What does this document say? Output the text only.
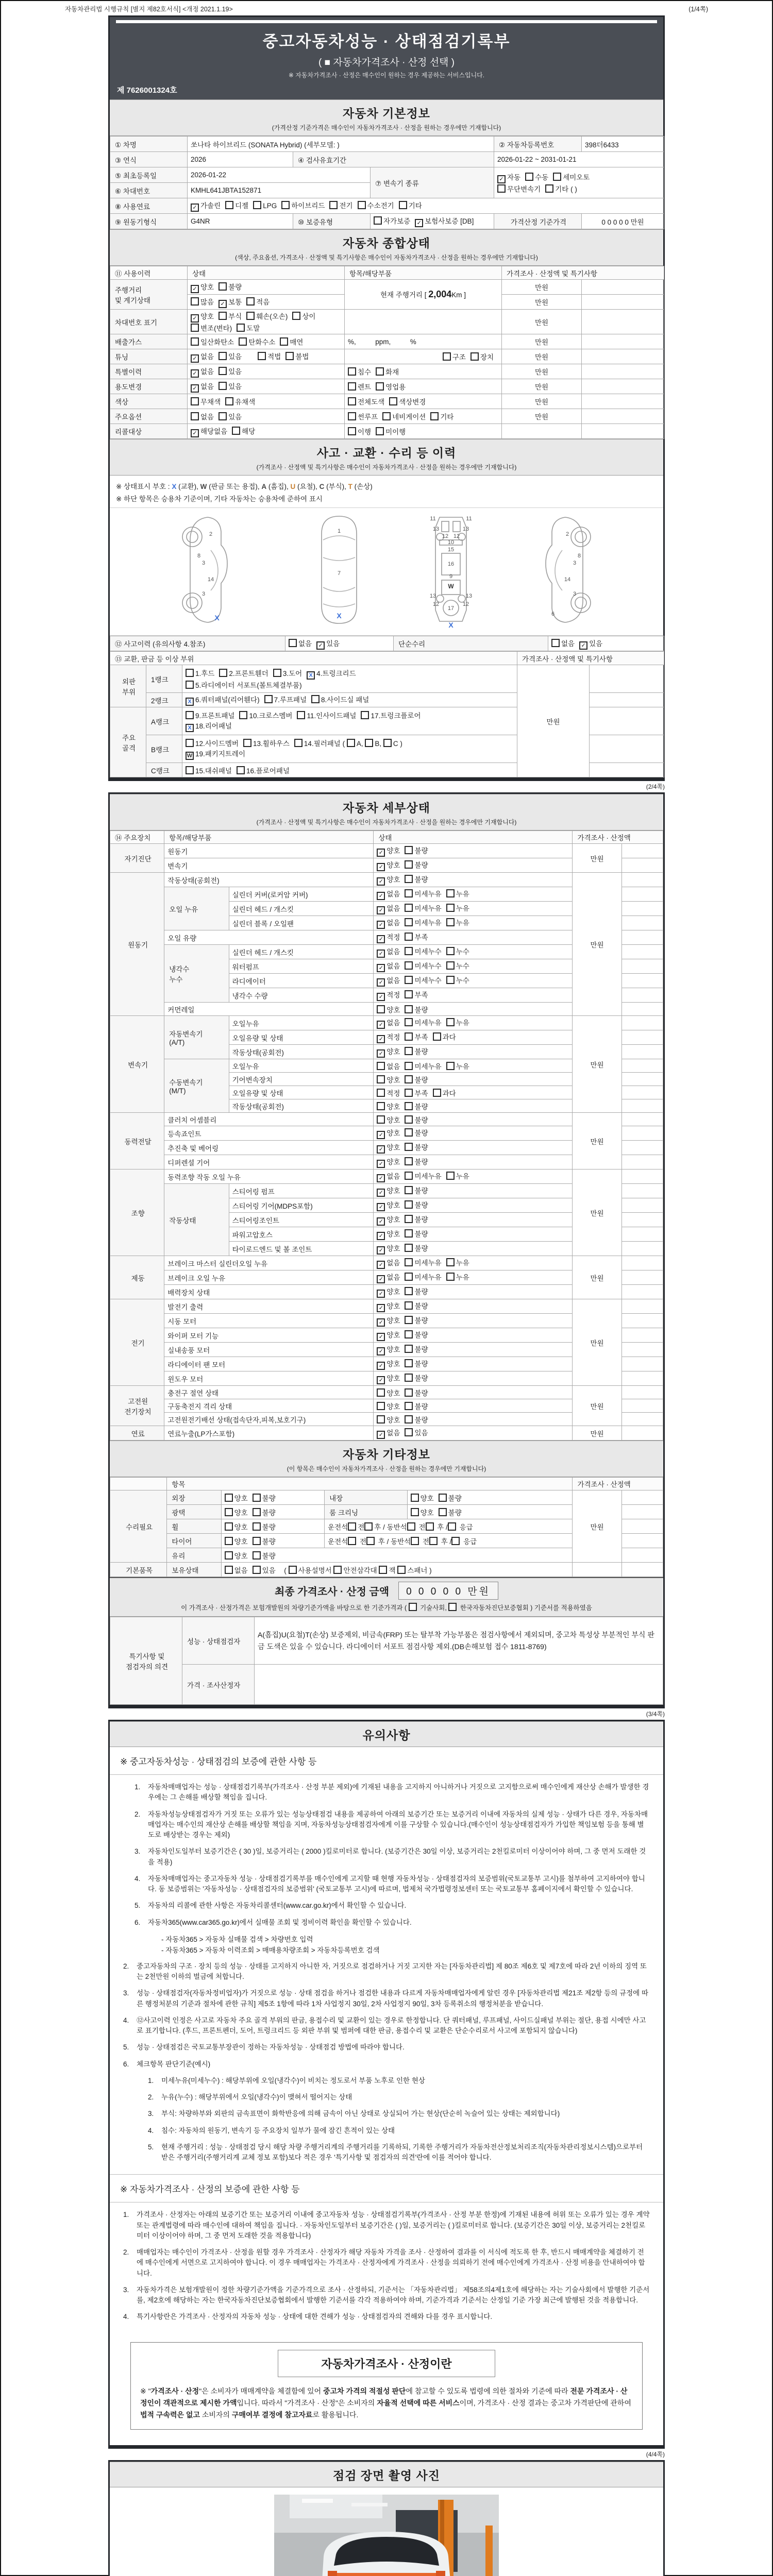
자동차관리법 시행규칙 [별지 제82호서식] <개정 2021.1.19>	(1/4쪽)
중고자동차성능 · 상태점검기록부
( ■ 자동차가격조사 · 산정 선택 )
※ 자동차가격조사 · 산정은 매수인이 원하는 경우 제공하는 서비스입니다.
제 7626001324호
자동차 기본정보
(가격산정 기준가격은 매수인이 자동차가격조사 · 산정을 원하는 경우에만 기재합니다)
① 차명	쏘나타 하이브리드 (SONATA Hybrid) (세부모델: )			② 자동차등록번호	398더6433
③ 연식	2026	④ 검사유효기간		2026-01-22 ~ 2031-01-21	
⑤ 최초등록일	2026-01-22		⑦ 변속기 종류	✓ 자동 수동 세미오토
무단변속기 기타 ( )	
⑥ 차대번호	KMHL641JBTA152871				
⑧ 사용연료	✓ 가솔린 디젤 LPG 하이브리드 전기 수소전기 기타				
⑨ 원동기형식	G4NR	⑩ 보증유형	자가보증 ✓ 보험사보증 [DB]	가격산정 기준가격	0 0 0 0 0 만원
자동차 종합상태
(색상, 주요옵션, 가격조사 · 산정액 및 특기사항은 매수인이 자동차가격조사 · 산정을 원하는 경우에만 기재합니다)
⑪ 사용이력	상태	항목/해당부품	가격조사 · 산정액 및 특기사항	
주행거리
및 계기상태	✓ 양호 불량	현재 주행거리 [ 2,004Km ]	만원	
	많음 ✓ 보통 적음		만원	
차대번호 표기	✓ 양호 부식 훼손(오손) 상이변조(변타) 도말		만원	
배출가스	일산화탄소 탄화수소 매연	%,          ppm,          %	만원	
튜닝	✓ 없음 있음 적법 불법	구조 장치	만원	
특별이력	✓ 없음 있음	침수 화재	만원	
용도변경	✓ 없음 있음	렌트 영업용	만원	
색상	무채색 유채색	전체도색 색상변경	만원	
주요옵션	없음 있음	썬루프 네비게이션 기타	만원	
리콜대상	✓ 해당없음 해당	이행 미이행		
사고 · 교환 · 수리 등 이력
(가격조사 · 산정액 및 특기사항은 매수인이 자동차가격조사 · 산정을 원하는 경우에만 기재합니다)
※ 상태표시 부호 : X (교환), W (판금 또는 용접), A (흠집), U (요철), C (부식), T (손상)
※ 하단 항목은 승용차 기준이며, 기타 자동차는 승용차에 준하여 표시
2
3
8
14
3
1
7
11	11
13	13
12 12
10
15
16
13	13
12	12
17
9
2
3
8
14
3
6
X	X
X
W
⑫ 사고이력 (유의사항 4.참조)	없음 ✓ 있음	단순수리	없음 ✓ 있음
⑬ 교환, 판금 등 이상 부위			가격조사 · 산정액 및 특기사항	
외판
부위	1랭크	1.후드 2.프론트휀더 3.도어 X 4.트렁크리드
5.라디에이터 서포트(볼트체결부품)	만원	
	2랭크	X 6.쿼터패널(리어휀다) 7.루프패널 8.사이드실 패널		
주요
골격	A랭크	9.프론트패널 10.크로스멤버 11.인사이드패널 17.트렁크플로어
X 18.리어패널		
	B랭크	12.사이드멤버 13.휠하우스 14.필러패널 ( A, B, C )
W 19.패키지트레이		
	C랭크	15.대쉬패널 16.플로어패널		
(2/4쪽)
자동차 세부상태
(가격조사 · 산정액 및 특기사항은 매수인이 자동차가격조사 · 산정을 원하는 경우에만 기재합니다)
⑭ 주요장치	항목/해당부품		상태	가격조사 · 산정액	
자기진단	원동기		✓ 양호 불량	만원	
	변속기		✓ 양호 불량		
원동기	작동상태(공회전)		✓ 양호 불량	만원	
	오일 누유	실린더 커버(로커암 커버)	✓ 없음 미세누유 누유		
		실린더 헤드 / 개스킷	✓ 없음 미세누유 누유		
		실린더 블록 / 오일팬	✓ 없음 미세누유 누유		
	오일 유량		✓ 적정 부족		
	냉각수
누수	실린더 헤드 / 개스킷	✓ 없음 미세누수 누수		
		워터펌프	✓ 없음 미세누수 누수		
		라디에이터	✓ 없음 미세누수 누수		
		냉각수 수량	✓ 적정 부족		
	커먼레일		양호 불량		
변속기	자동변속기
(A/T)	오일누유	✓ 없음 미세누유 누유	만원	
		오일유량 및 상태	✓ 적정 부족 과다		
		작동상태(공회전)	✓ 양호 불량		
	수동변속기
(M/T)	오일누유	없음 미세누유 누유		
		기어변속장치	양호 불량		
		오일유량 및 상태	적정 부족 과다		
		작동상태(공회전)	양호 불량		
동력전달	클러치 어셈블리		양호 불량	만원	
	등속죠인트		✓ 양호 불량		
	추진축 및 베어링		✓ 양호 불량		
	디퍼렌셜 기어		✓ 양호 불량		
조향	동력조향 작동 오일 누유		✓ 없음 미세누유 누유	만원	
	작동상태	스티어링 펌프	✓ 양호 불량		
		스티어링 기어(MDPS포함)	✓ 양호 불량		
		스티어링조인트	✓ 양호 불량		
		파워고압호스	✓ 양호 불량		
		타이로드엔드 및 볼 조인트	✓ 양호 불량		
제동	브레이크 마스터 실린더오일 누유		✓ 없음 미세누유 누유	만원	
	브레이크 오일 누유		✓ 없음 미세누유 누유		
	배력장치 상태		✓ 양호 불량		
전기	발전기 출력		✓ 양호 불량	만원	
	시동 모터		✓ 양호 불량		
	와이퍼 모터 기능		✓ 양호 불량		
	실내송풍 모터		✓ 양호 불량		
	라디에이터 팬 모터		✓ 양호 불량		
	윈도우 모터		✓ 양호 불량		
고전원
전기장치	충전구 절연 상태		양호 불량	만원	
	구동축전지 격리 상태		양호 불량		
	고전원전기배선 상태(접속단자,피복,보호기구)		양호 불량		
연료	연료누출(LP가스포함)		✓ 없음 있음	만원	
자동차 기타정보
(이 항목은 매수인이 자동차가격조사 · 산정을 원하는 경우에만 기재합니다)
	항목				가격조사 · 산정액	
수리필요	외장	양호 불량	내장	양호 불량	만원	
	광택	양호 불량	룸 크리닝	양호 불량		
	휠	양호 불량	운전석 전 후 / 동반석 전 후 / 응급			
	타이어	양호 불량	운전석 전 후 / 동반석 전 후 / 응급			
	유리	양호 불량				
기본품목	보유상태	없음 있음  ( 사용설명서 안전삼각대 잭 스패너 )				
최종 가격조사 · 산정 금액	0 0 0 0 0 만원
이 가격조사 · 산정가격은 보험개발원의 차량기준가액을 바탕으로 한 기준가격과 (  기술사회,  한국자동차진단보증협회 ) 기준서를 적용하였음
특기사항 및
점검자의 의견	성능 · 상태점검자	A(흠집)U(요철)T(손상) 보증제외, 비금속(FRP) 또는 탈부착 가능부품은 점검사항에서 제외되며, 중고차 특성상 부분적인 부식 판금 도색은 있을 수 있습니다. 라디에이터 서포트 점검사항 제외.(DB손해보험 접수 1811-8769)
	가격 · 조사산정자	
(3/4쪽)
유의사항
※ 중고자동차성능 · 상태점검의 보증에 관한 사항 등
1.	자동차매매업자는 성능 · 상태점검기록부(가격조사 · 산정 부분 제외)에 기재된 내용을 고지하지 아니하거나 거짓으로 고지함으로써 매수인에게 재산상 손해가 발생한 경우에는 그 손해를 배상할 책임을 집니다.
2.	자동차성능상태점검자가 거짓 또는 오류가 있는 성능상태점검 내용을 제공하여 아래의 보증기간 또는 보증거리 이내에 자동차의 실제 성능 · 상태가 다른 경우, 자동차매매업자는 매수인의 재산상 손해를 배상할 책임을 지며, 자동차성능상태점검자에게 이를 구상할 수 있습니다.(매수인이 성능상태점검자가 가입한 책임보험 등을 통해 별도로 배상받는 경우는 제외)
3.	자동차인도일부터 보증기간은 ( 30 )일, 보증거리는 ( 2000 )킬로미터로 합니다. (보증기간은 30일 이상, 보증거리는 2천킬로미터 이상이어야 하며, 그 중 먼저 도래한 것을 적용)
4.	자동차매매업자는 중고자동차 성능 · 상태점검기록부를 매수인에게 고지할 때 현행 자동차성능 · 상태점검자의 보증범위(국토교통부 고시)를 첨부하여 고지하여야 합니다. 동 보증범위는 '자동차성능 · 상태점검자의 보증범위' (국토교통부 고시)에 따르며, 법제처 국가법령정보센터 또는 국토교통부 홈페이지에서 확인할 수 있습니다.
5.	자동차의 리콜에 관한 사항은 자동차리콜센터(www.car.go.kr)에서 확인할 수 있습니다.
6.	자동차365(www.car365.go.kr)에서 실매물 조회 및 정비이력 확인을 확인할 수 있습니다.
- 자동차365 > 자동차 실매물 검색 > 차량번호 입력
- 자동차365 > 자동차 이력조회 > 매매용차량조회 > 자동차등록번호 검색
2.	중고자동차의 구조 · 장치 등의 성능 · 상태를 고지하지 아니한 자, 거짓으로 점검하거나 거짓 고지한 자는 [자동차관리법] 제 80조 제6호 및 제7호에 따라 2년 이하의 징역 또는 2천만원 이하의 벌금에 처합니다.
3.	성능 · 상태점검자(자동차정비업자)가 거짓으로 성능 · 상태 점검을 하거나 점검한 내용과 다르게 자동차매매업자에게 알린 경우 [자동차관리법 제21조 제2항 등의 규정에 따른 행정처분의 기준과 절차에 관한 규칙] 제5조 1항에 따라 1차 사업정지 30일, 2차 사업정지 90일, 3차 등록취소의 행정처분을 받습니다.
4.	⑫사고이력 인정은 사고로 자동차 주요 골격 부위의 판금, 용접수리 및 교환이 있는 경우로 한정합니다. 단 쿼터패널, 루프패널, 사이드실패널 부위는 절단, 용접 시에만 사고로 표기합니다. (후드, 프론트펜더, 도어, 트렁크리드 등 외판 부위 및 범퍼에 대한 판금, 용접수리 및 교환은 단순수리로서 사고에 포함되지 않습니다)
5.	성능 · 상태점검은 국토교통부장관이 정하는 자동차성능 · 상태점검 방법에 따라야 합니다.
6.	체크항목 판단기준(예시)
1.	미세누유(미세누수) : 해당부위에 오일(냉각수)이 비치는 정도로서 부품 노후로 인한 현상
2.	누유(누수) : 해당부위에서 오일(냉각수)이 맺혀서 떨어지는 상태
3.	부식: 차량하부와 외판의 금속표면이 화학반응에 의해 금속이 아닌 상태로 상실되어 가는 현상(단순히 녹슬어 있는 상태는 제외합니다)
4.	침수: 자동차의 원동기, 변속기 등 주요장치 일부가 물에 잠긴 흔적이 있는 상태
5.	현재 주행거리 : 성능 · 상태점검 당시 해당 차량 주행거리계의 주행거리를 기록하되, 기록한 주행거리가 자동차전산정보처리조직(자동차관리정보시스템)으로부터 받은 주행거리(주행거리계 교체 정보 포함)보다 적은 경우 '특기사항 및 점검자의 의견'란에 이를 적어야 합니다.
※ 자동차가격조사 · 산정의 보증에 관한 사항 등
1.	가격조사 · 산정자는 아래의 보증기간 또는 보증거리 이내에 중고자동차 성능 · 상태점검기록부(가격조사 · 산정 부분 한정)에 기재된 내용에 허위 또는 오류가 있는 경우 계약 또는 관계법령에 따라 매수인에 대하여 책임을 집니다. · 자동차인도일부터 보증기간은 ( )일, 보증거리는 ( )킬로미터로 합니다. (보증기간은 30일 이상, 보증거리는 2천킬로미터 이상이어야 하며, 그 중 먼저 도래한 것을 적용합니다)
2.	매매업자는 매수인이 가격조사 · 산정을 원할 경우 가격조사 · 산정자가 해당 자동차 가격을 조사 · 산정하여 결과를 이 서식에 적도록 한 후, 반드시 매매계약을 체결하기 전에 매수인에게 서면으로 고지하여야 합니다. 이 경우 매매업자는 가격조사 · 산정자에게 가격조사 · 산정을 의뢰하기 전에 매수인에게 가격조사 · 산정 비용을 안내하여야 합니다.
3.	자동차가격은 보험개발원이 정한 차량기준가액을 기준가격으로 조사 · 산정하되, 기준서는 「자동차관리법」 제58조의4제1호에 해당하는 자는 기술사회에서 발행한 기준서를, 제2호에 해당하는 자는 한국자동차진단보증협회에서 발행한 기준서를 각각 적용하여야 하며, 기준가격과 기준서는 산정일 기준 가장 최근에 발행된 것을 적용합니다.
4.	특기사항란은 가격조사 · 산정자의 자동차 성능 · 상태에 대한 견해가 성능 · 상태점검자의 견해와 다를 경우 표시합니다.
자동차가격조사 · 산정이란
※ "가격조사 · 산정"은 소비자가 매매계약을 체결함에 있어 중고차 가격의 적절성 판단에 참고할 수 있도록 법령에 의한 절차와 기준에 따라 전문 가격조사 · 산정인이 객관적으로 제시한 가액입니다. 따라서 "가격조사 · 산정"은 소비자의 자율적 선택에 따른 서비스이며, 가격조사 · 산정 결과는 중고차 가격판단에 관하여 법적 구속력은 없고 소비자의 구매여부 결정에 참고자료로 활용됩니다.
(4/4쪽)
점검 장면 촬영 사진
